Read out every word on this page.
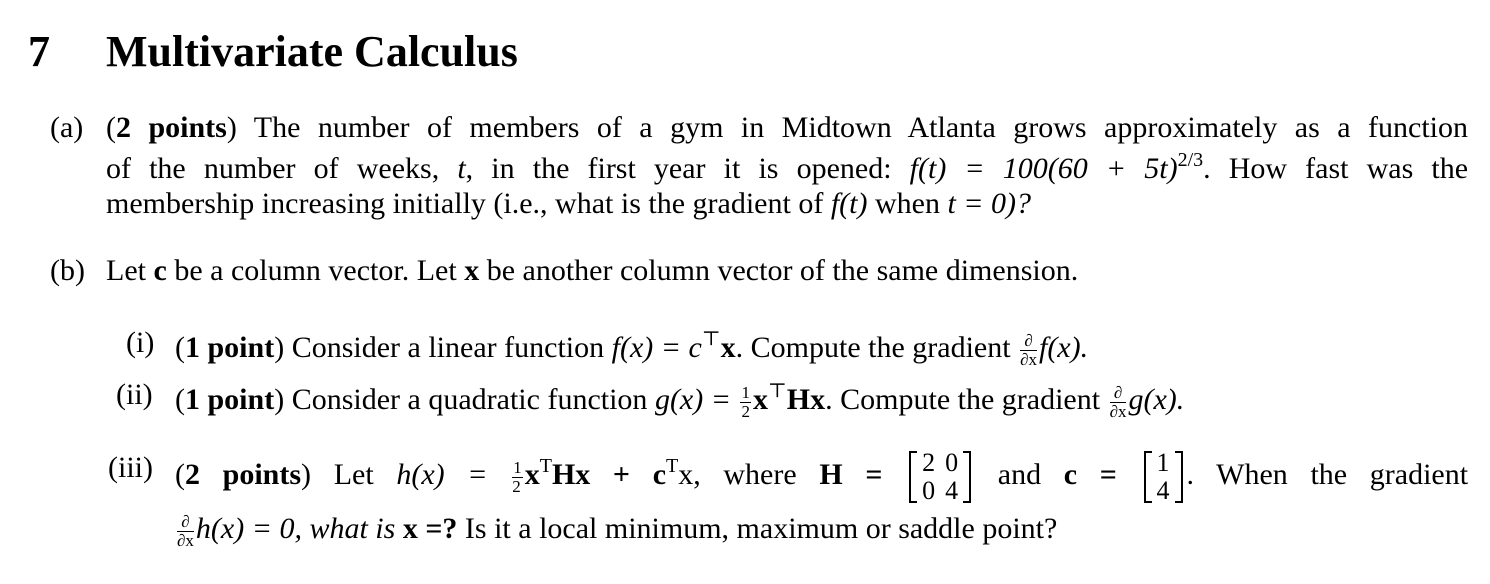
7 Multivariate Calculus
(a) (2 points) The number of members of a gym in Midtown Atlanta grows approximately as a function
of the number of weeks, t, in the first year it is opened: $f(t) = 100(60 + 5t)^{2/3}$. How fast was the
membership increasing initially (i.e., what is the gradient of f(t) when t = 0)?
(b) Let c be a column vector. Let x be another column vector of the same dimension.
(i) (1 point) Consider a linear function f(x) = c⊤x. Compute the gradient $\frac{\partial}{\partial x} f(x)$.
(ii) (1 point) Consider a quadratic function $g(x) = \frac{1}{2} x^⊤Hx$. Compute the gradient $\frac{\partial}{\partial x} g(x)$.
(iii) (2 points) Let $h(x) = \frac{1}{2} x^THx + c^Tx$, where H = 2	0
0	4 and c = 1
4 . When the gradient
$\frac{\partial}{\partial x} h(x) = 0$, what is x =? Is it a local minimum, maximum or saddle point?
